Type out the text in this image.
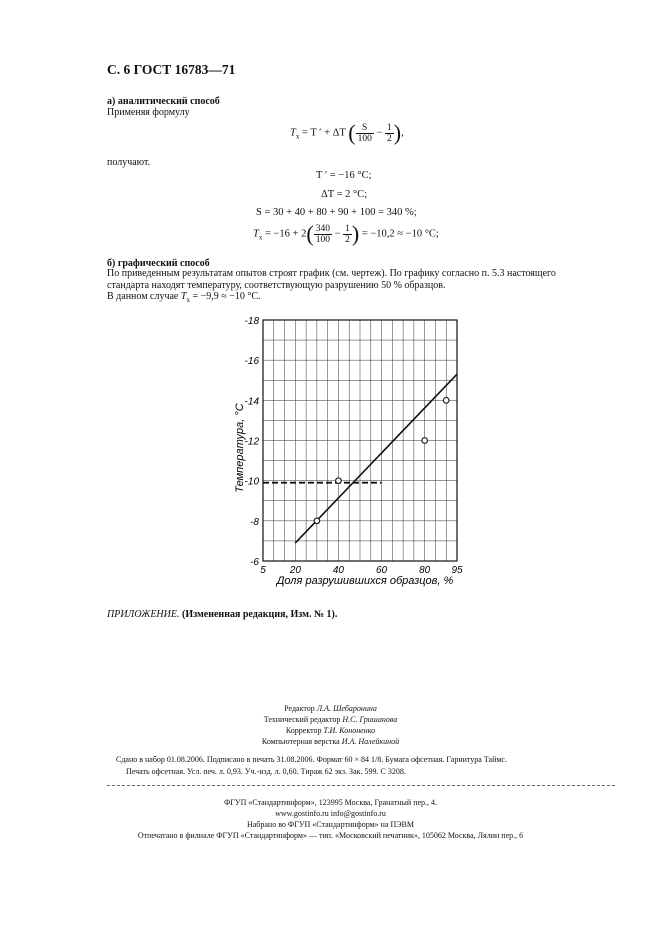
С. 6 ГОСТ 16783—71
а) аналитический способ
Применяя формулу
$T_x = T$ ′ + ΔT ( $\frac{S}{100} - \frac{1}{2}$ ),
получают.
T ′ = −16 °C;
ΔT = 2 °C;
S = 30 + 40 + 80 + 90 + 100 = 340 %;
$T_x = -16 + 2( \frac{340}{100} - \frac{1}{2}$ ) = −10,2 ≈ −10 °C;
б) графический способ
По приведенным результатам опытов строят график (см. чертеж). По графику согласно п. 5.3 настоящего
стандарта находят температуру, соответствующую разрушению 50 % образцов.
В данном случае $T_x = -9,9 \approx -10$ °C.
-18
-16
-14
-12
-10
-8
-6
5 20	40	60	80 95
Температура, °С
Доля разрушившихся образцов, %
ПРИЛОЖЕНИЕ. (Измененная редакция, Изм. № 1).
Редактор Л.А. Шебаронина
Технический редактор Н.С. Гришанова
Корректор Т.И. Кононенко
Компьютерная верстка И.А. Налейкиной
Сдано в набор 01.08.2006. Подписано в печать 31.08.2006. Формат 60 × 84 1/8. Бумага офсетная. Гарнитура Таймс.
Печать офсетная. Усл. печ. л. 0,93. Уч.-изд. л. 0,60. Тираж 62 экз. Зак. 599. С 3208.
ФГУП «Стандартинформ», 123995 Москва, Гранатный пер., 4.
www.gostinfo.ru info@gostinfo.ru
Набрано во ФГУП «Стандартинформ» на ПЭВМ
Отпечатано в филиале ФГУП «Стандартинформ» — тип. «Московский печатник», 105062 Москва, Лялин пер., 6
